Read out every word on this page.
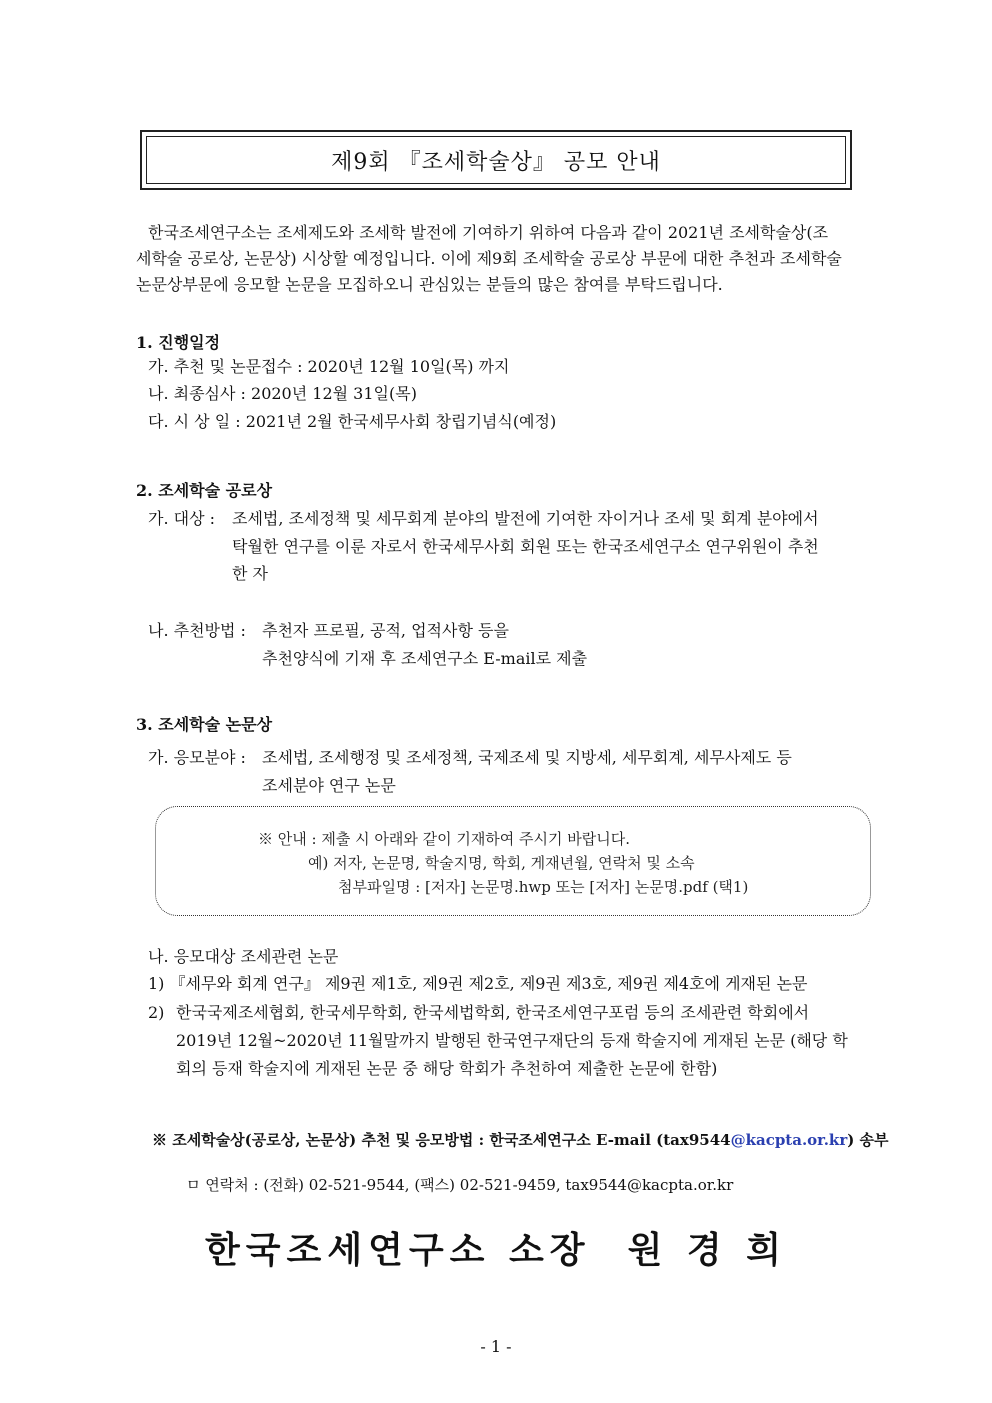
제9회 『조세학술상』 공모 안내
한국조세연구소는 조세제도와 조세학 발전에 기여하기 위하여 다음과 같이 2021년 조세학술상(조
세학술 공로상, 논문상) 시상할 예정입니다. 이에 제9회 조세학술 공로상 부문에 대한 추천과 조세학술
논문상부문에 응모할 논문을 모집하오니 관심있는 분들의 많은 참여를 부탁드립니다.
1. 진행일정
가. 추천 및 논문접수 : 2020년 12월 10일(목) 까지
나. 최종심사 : 2020년 12월 31일(목)
다. 시 상 일 : 2021년 2월 한국세무사회 창립기념식(예정)
2. 조세학술 공로상
가. 대상 : 조세법, 조세정책 및 세무회계 분야의 발전에 기여한 자이거나 조세 및 회계 분야에서
탁월한 연구를 이룬 자로서 한국세무사회 회원 또는 한국조세연구소 연구위원이 추천
한 자
나. 추천방법 : 추천자 프로필, 공적, 업적사항 등을
추천양식에 기재 후 조세연구소 E-mail로 제출
3. 조세학술 논문상
가. 응모분야 : 조세법, 조세행정 및 조세정책, 국제조세 및 지방세, 세무회계, 세무사제도 등
조세분야 연구 논문
※ 안내 : 제출 시 아래와 같이 기재하여 주시기 바랍니다.
예) 저자, 논문명, 학술지명, 학회, 게재년월, 연락처 및 소속
첨부파일명 : [저자] 논문명.hwp 또는 [저자] 논문명.pdf (택1)
나. 응모대상 조세관련 논문
1) 『세무와 회계 연구』 제9권 제1호, 제9권 제2호, 제9권 제3호, 제9권 제4호에 게재된 논문
2) 한국국제조세협회, 한국세무학회, 한국세법학회, 한국조세연구포럼 등의 조세관련 학회에서
2019년 12월~2020년 11월말까지 발행된 한국연구재단의 등재 학술지에 게재된 논문 (해당 학
회의 등재 학술지에 게재된 논문 중 해당 학회가 추천하여 제출한 논문에 한함)
※ 조세학술상(공로상, 논문상) 추천 및 응모방법 : 한국조세연구소 E-mail (tax9544@kacpta.or.kr) 송부
ㅁ 연락처 : (전화) 02-521-9544, (팩스) 02-521-9459, tax9544@kacpta.or.kr
한국조세연구소 소장  원 경 희
- 1 -
